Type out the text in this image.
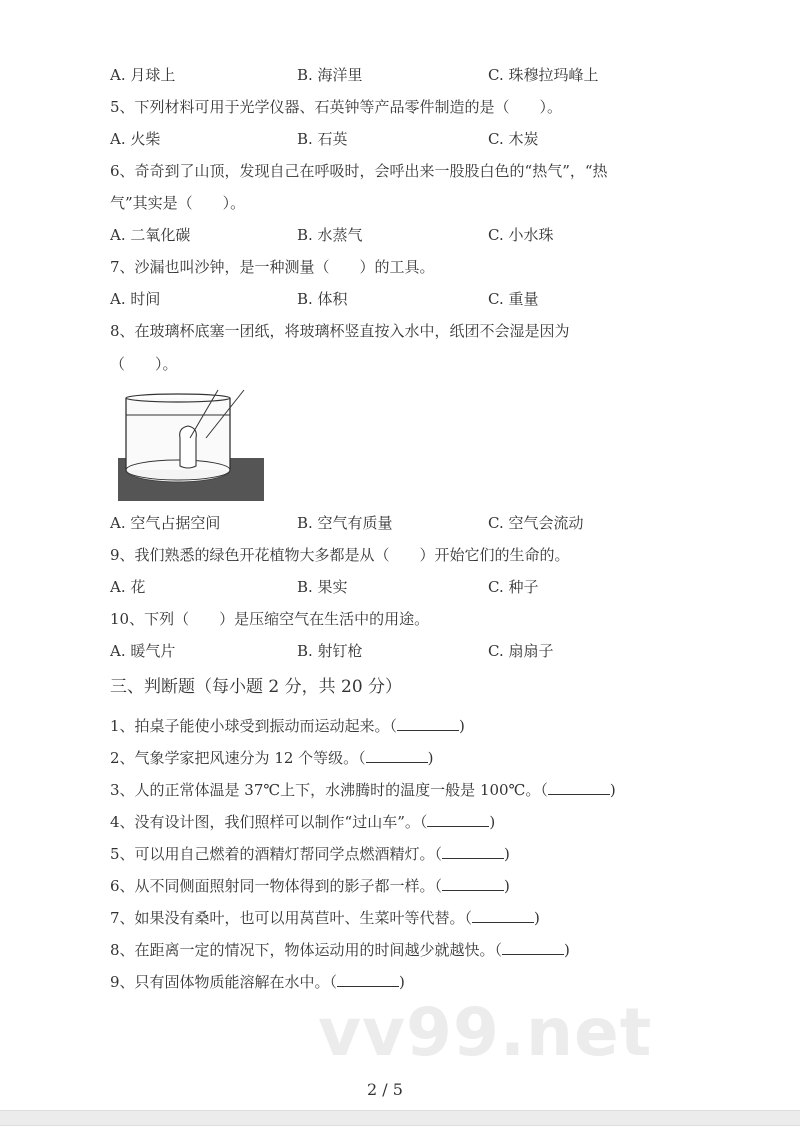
A. 月球上	B. 海洋里	C. 珠穆拉玛峰上
5、下列材料可用于光学仪器、石英钟等产品零件制造的是（　　）。
A. 火柴	B. 石英	C. 木炭
6、奇奇到了山顶，发现自己在呼吸时，会呼出来一股股白色的“热气”，“热
气”其实是（　　）。
A. 二氧化碳	B. 水蒸气	C. 小水珠
7、沙漏也叫沙钟，是一种测量（　　）的工具。
A. 时间	B. 体积	C. 重量
8、在玻璃杯底塞一团纸，将玻璃杯竖直按入水中，纸团不会湿是因为
（　　）。
A. 空气占据空间	B. 空气有质量	C. 空气会流动
9、我们熟悉的绿色开花植物大多都是从（　　）开始它们的生命的。
A. 花	B. 果实	C. 种子
10、下列（　　）是压缩空气在生活中的用途。
A. 暖气片	B. 射钉枪	C. 扇扇子
三、判断题（每小题 2 分，共 20 分）
1、拍桌子能使小球受到振动而运动起来。（	)
2、气象学家把风速分为 12 个等级。（	)
3、人的正常体温是 37℃上下，水沸腾时的温度一般是 100℃。（	)
4、没有设计图，我们照样可以制作“过山车”。（	)
5、可以用自己燃着的酒精灯帮同学点燃酒精灯。（	)
6、从不同侧面照射同一物体得到的影子都一样。（	)
7、如果没有桑叶，也可以用莴苣叶、生菜叶等代替。（	)
8、在距离一定的情况下，物体运动用的时间越少就越快。（	)
9、只有固体物质能溶解在水中。（	)
vv99.net
2 / 5
